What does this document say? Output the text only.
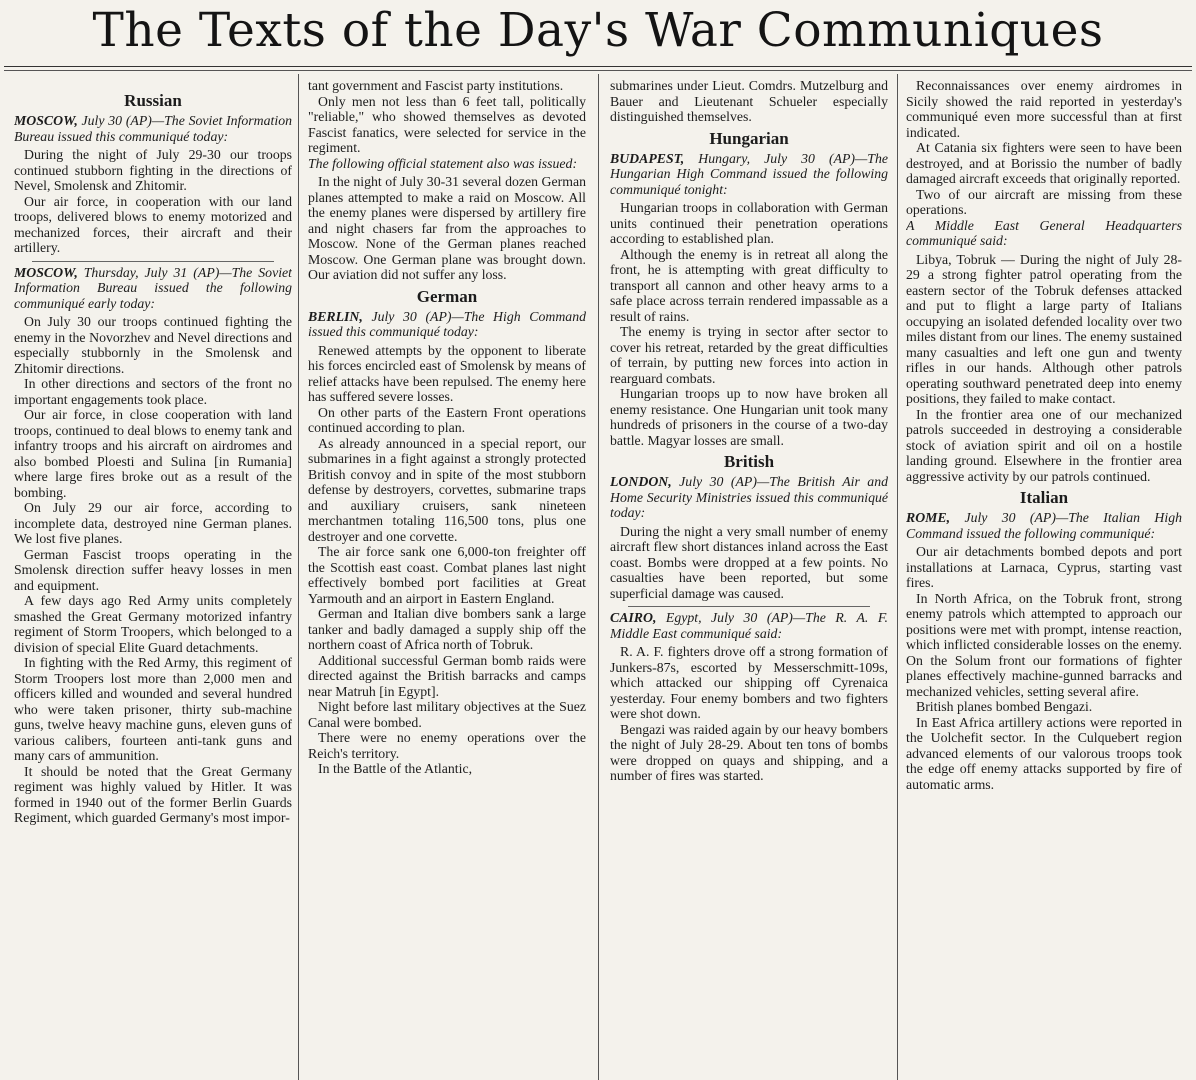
The Texts of the Day's War Communiques
Russian
MOSCOW, July 30 (AP)—The Soviet Information Bureau issued this communiqué today:

During the night of July 29-30 our troops continued stubborn fighting in the directions of Nevel, Smolensk and Zhitomir.

Our air force, in cooperation with our land troops, delivered blows to enemy motorized and mechanized forces, their aircraft and their artillery.

MOSCOW, Thursday, July 31 (AP)—The Soviet Information Bureau issued the following communiqué early today:

On July 30 our troops continued fighting the enemy in the Novorzhev and Nevel directions and especially stubbornly in the Smolensk and Zhitomir directions.

In other directions and sectors of the front no important engagements took place.

Our air force, in close cooperation with land troops, continued to deal blows to enemy tank and infantry troops and his aircraft on airdromes and also bombed Ploesti and Sulina [in Rumania] where large fires broke out as a result of the bombing.

On July 29 our air force, according to incomplete data, destroyed nine German planes. We lost five planes.

German Fascist troops operating in the Smolensk direction suffer heavy losses in men and equipment.

A few days ago Red Army units completely smashed the Great Germany motorized infantry regiment of Storm Troopers, which belonged to a division of special Elite Guard detachments.

In fighting with the Red Army, this regiment of Storm Troopers lost more than 2,000 men and officers killed and wounded and several hundred who were taken prisoner, thirty sub-machine guns, twelve heavy machine guns, eleven guns of various calibers, fourteen anti-tank guns and many cars of ammunition.

It should be noted that the Great Germany regiment was highly valued by Hitler. It was formed in 1940 out of the former Berlin Guards Regiment, which guarded Germany's most impor-

tant government and Fascist party institutions.

Only men not less than 6 feet tall, politically "reliable," who showed themselves as devoted Fascist fanatics, were selected for service in the regiment.

The following official statement also was issued:

In the night of July 30-31 several dozen German planes attempted to make a raid on Moscow. All the enemy planes were dispersed by artillery fire and night chasers far from the approaches to Moscow. None of the German planes reached Moscow. One German plane was brought down. Our aviation did not suffer any loss.

German
BERLIN, July 30 (AP)—The High Command issued this communiqué today:

Renewed attempts by the opponent to liberate his forces encircled east of Smolensk by means of relief attacks have been repulsed. The enemy here has suffered severe losses.

On other parts of the Eastern Front operations continued according to plan.

As already announced in a special report, our submarines in a fight against a strongly protected British convoy and in spite of the most stubborn defense by destroyers, corvettes, submarine traps and auxiliary cruisers, sank nineteen merchantmen totaling 116,500 tons, plus one destroyer and one corvette.

The air force sank one 6,000-ton freighter off the Scottish east coast. Combat planes last night effectively bombed port facilities at Great Yarmouth and an airport in Eastern England.

German and Italian dive bombers sank a large tanker and badly damaged a supply ship off the northern coast of Africa north of Tobruk.

Additional successful German bomb raids were directed against the British barracks and camps near Matruh [in Egypt].

Night before last military objectives at the Suez Canal were bombed.

There were no enemy operations over the Reich's territory.

In the Battle of the Atlantic,

submarines under Lieut. Comdrs. Mutzelburg and Bauer and Lieutenant Schueler especially distinguished themselves.

Hungarian
BUDAPEST, Hungary, July 30 (AP)—The Hungarian High Command issued the following communiqué tonight:

Hungarian troops in collaboration with German units continued their penetration operations according to established plan.

Although the enemy is in retreat all along the front, he is attempting with great difficulty to transport all cannon and other heavy arms to a safe place across terrain rendered impassable as a result of rains.

The enemy is trying in sector after sector to cover his retreat, retarded by the great difficulties of terrain, by putting new forces into action in rearguard combats.

Hungarian troops up to now have broken all enemy resistance. One Hungarian unit took many hundreds of prisoners in the course of a two-day battle. Magyar losses are small.

British
LONDON, July 30 (AP)—The British Air and Home Security Ministries issued this communiqué today:

During the night a very small number of enemy aircraft flew short distances inland across the East coast. Bombs were dropped at a few points. No casualties have been reported, but some superficial damage was caused.

CAIRO, Egypt, July 30 (AP)—The R. A. F. Middle East communiqué said:

R. A. F. fighters drove off a strong formation of Junkers-87s, escorted by Messerschmitt-109s, which attacked our shipping off Cyrenaica yesterday. Four enemy bombers and two fighters were shot down.

Bengazi was raided again by our heavy bombers the night of July 28-29. About ten tons of bombs were dropped on quays and shipping, and a number of fires was started.

Reconnaissances over enemy airdromes in Sicily showed the raid reported in yesterday's communiqué even more successful than at first indicated.

At Catania six fighters were seen to have been destroyed, and at Borissio the number of badly damaged aircraft exceeds that originally reported.

Two of our aircraft are missing from these operations.

A Middle East General Headquarters communiqué said:

Libya, Tobruk — During the night of July 28-29 a strong fighter patrol operating from the eastern sector of the Tobruk defenses attacked and put to flight a large party of Italians occupying an isolated defended locality over two miles distant from our lines. The enemy sustained many casualties and left one gun and twenty rifles in our hands. Although other patrols operating southward penetrated deep into enemy positions, they failed to make contact.

In the frontier area one of our mechanized patrols succeeded in destroying a considerable stock of aviation spirit and oil on a hostile landing ground. Elsewhere in the frontier area aggressive activity by our patrols continued.

Italian
ROME, July 30 (AP)—The Italian High Command issued the following communiqué:

Our air detachments bombed depots and port installations at Larnaca, Cyprus, starting vast fires.

In North Africa, on the Tobruk front, strong enemy patrols which attempted to approach our positions were met with prompt, intense reaction, which inflicted considerable losses on the enemy. On the Solum front our formations of fighter planes effectively machine-gunned barracks and mechanized vehicles, setting several afire.

British planes bombed Bengazi.

In East Africa artillery actions were reported in the Uolchefit sector. In the Culquebert region advanced elements of our valorous troops took the edge off enemy attacks supported by fire of automatic arms.
